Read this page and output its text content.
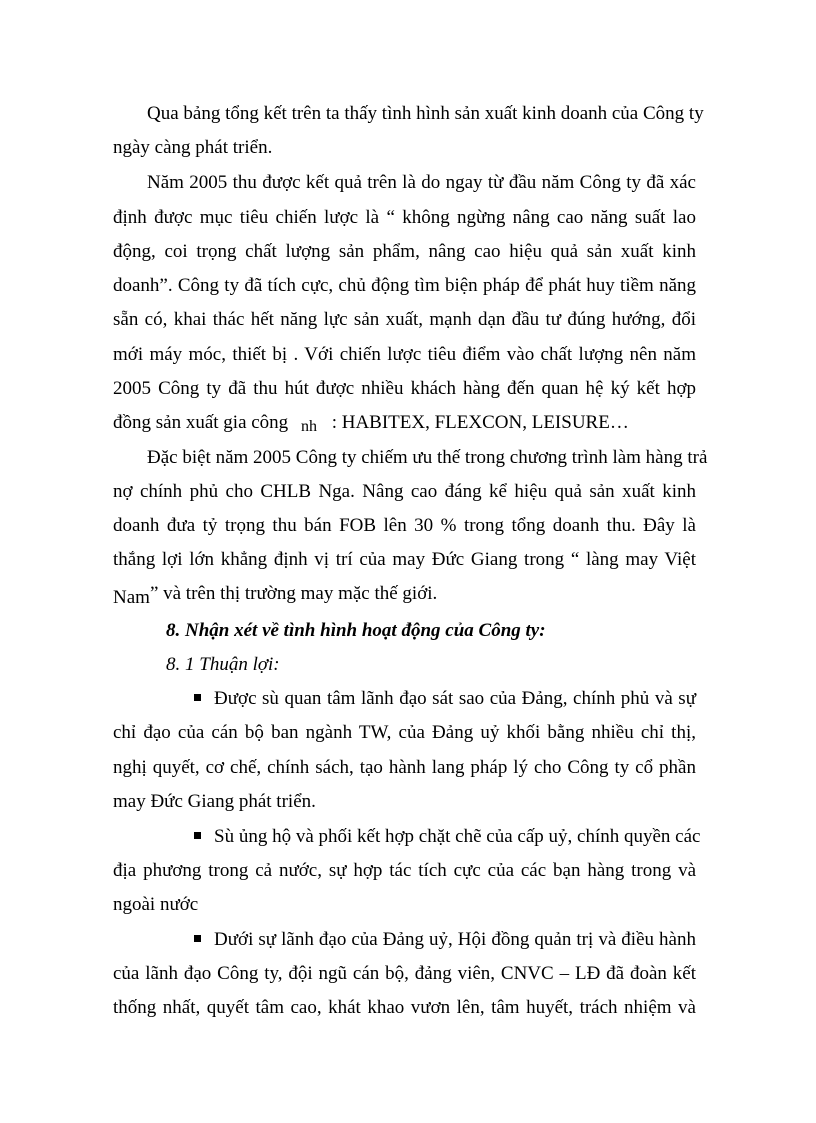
Qua bảng tổng kết trên ta thấy tình hình sản xuất kinh doanh của Công ty
ngày càng phát triển.
Năm 2005 thu được kết quả trên là do ngay từ đầu năm Công ty đã xác
định được mục tiêu chiến lược là “ không ngừng nâng cao năng suất lao
động, coi trọng chất lượng sản phẩm, nâng cao hiệu quả sản xuất kinh
doanh”. Công ty đã tích cực, chủ động tìm biện pháp để phát huy tiềm năng
sẵn có, khai thác hết năng lực sản xuất, mạnh dạn đầu tư đúng hướng, đổi
mới máy móc, thiết bị . Với chiến lược tiêu điểm vào chất lượng nên năm
2005 Công ty đã thu hút được nhiều khách hàng đến quan hệ ký kết hợp
đồng sản xuất gia công nh : HABITEX, FLEXCON, LEISURE…
Đặc biệt năm 2005 Công ty chiếm ưu thế trong chương trình làm hàng trả
nợ chính phủ cho CHLB Nga. Nâng cao đáng kể hiệu quả sản xuất kinh
doanh đưa tỷ trọng thu bán FOB lên 30 % trong tổng doanh thu. Đây là
thắng lợi lớn khẳng định vị trí của may Đức Giang trong “ làng may Việt
Nam” và trên thị trường may mặc thế giới.
8. Nhận xét về tình hình hoạt động của Công ty:
8. 1 Thuận lợi:
Được sù quan tâm lãnh đạo sát sao của Đảng, chính phủ và sự
chỉ đạo của cán bộ ban ngành TW, của Đảng uỷ khối bằng nhiều chỉ thị,
nghị quyết, cơ chế, chính sách, tạo hành lang pháp lý cho Công ty cổ phần
may Đức Giang phát triển.
Sù ủng hộ và phối kết hợp chặt chẽ của cấp uỷ, chính quyền các
địa phương trong cả nước, sự hợp tác tích cực của các bạn hàng trong và
ngoài nước
Dưới sự lãnh đạo của Đảng uỷ, Hội đồng quản trị và điều hành
của lãnh đạo Công ty, đội ngũ cán bộ, đảng viên, CNVC – LĐ đã đoàn kết
thống nhất, quyết tâm cao, khát khao vươn lên, tâm huyết, trách nhiệm và
